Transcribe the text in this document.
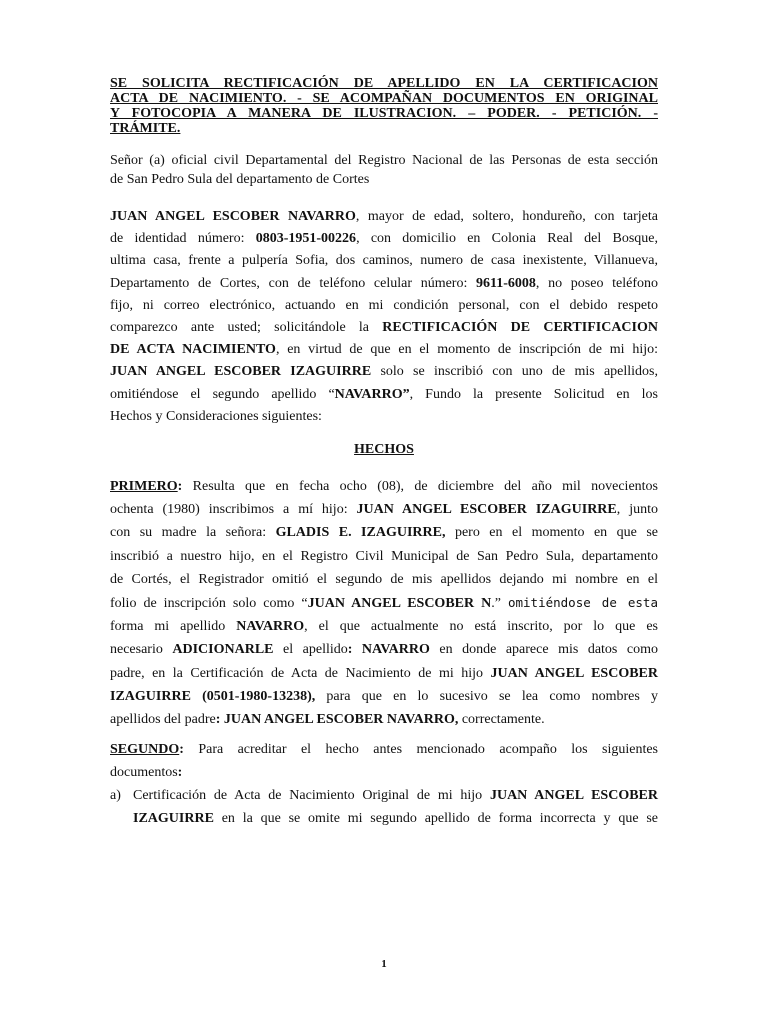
SE SOLICITA RECTIFICACIÓN DE APELLIDO EN LA CERTIFICACION
ACTA DE NACIMIENTO. - SE ACOMPAÑAN DOCUMENTOS EN ORIGINAL
Y FOTOCOPIA A MANERA DE ILUSTRACION. – PODER. - PETICIÓN. -
TRÁMITE.
Señor (a) oficial civil Departamental del Registro Nacional de las Personas de esta sección
de San Pedro Sula del departamento de Cortes
JUAN ANGEL ESCOBER NAVARRO, mayor de edad, soltero, hondureño, con tarjeta
de identidad número: 0803-1951-00226, con domicilio en Colonia Real del Bosque,
ultima casa, frente a pulpería Sofia, dos caminos, numero de casa inexistente, Villanueva,
Departamento de Cortes, con de teléfono celular número: 9611-6008, no poseo teléfono
fijo, ni correo electrónico, actuando en mi condición personal, con el debido respeto
comparezco ante usted; solicitándole la RECTIFICACIÓN DE CERTIFICACION
DE ACTA NACIMIENTO, en virtud de que en el momento de inscripción de mi hijo:
JUAN ANGEL ESCOBER IZAGUIRRE solo se inscribió con uno de mis apellidos,
omitiéndose el segundo apellido “NAVARRO”, Fundo la presente Solicitud en los
Hechos y Consideraciones siguientes:
HECHOS
PRIMERO: Resulta que en fecha ocho (08), de diciembre del año mil novecientos
ochenta (1980) inscribimos a mí hijo: JUAN ANGEL ESCOBER IZAGUIRRE, junto
con su madre la señora: GLADIS E. IZAGUIRRE, pero en el momento en que se
inscribió a nuestro hijo, en el Registro Civil Municipal de San Pedro Sula, departamento
de Cortés, el Registrador omitió el segundo de mis apellidos dejando mi nombre en el
folio de inscripción solo como “JUAN ANGEL ESCOBER N.” omitiéndose de esta
forma mi apellido NAVARRO, el que actualmente no está inscrito, por lo que es
necesario ADICIONARLE el apellido: NAVARRO en donde aparece mis datos como
padre, en la Certificación de Acta de Nacimiento de mi hijo JUAN ANGEL ESCOBER
IZAGUIRRE (0501-1980-13238), para que en lo sucesivo se lea como nombres y
apellidos del padre: JUAN ANGEL ESCOBER NAVARRO, correctamente.
SEGUNDO: Para acreditar el hecho antes mencionado acompaño los siguientes
documentos:
a) Certificación de Acta de Nacimiento Original de mi hijo JUAN ANGEL ESCOBER
IZAGUIRRE en la que se omite mi segundo apellido de forma incorrecta y que se
1
